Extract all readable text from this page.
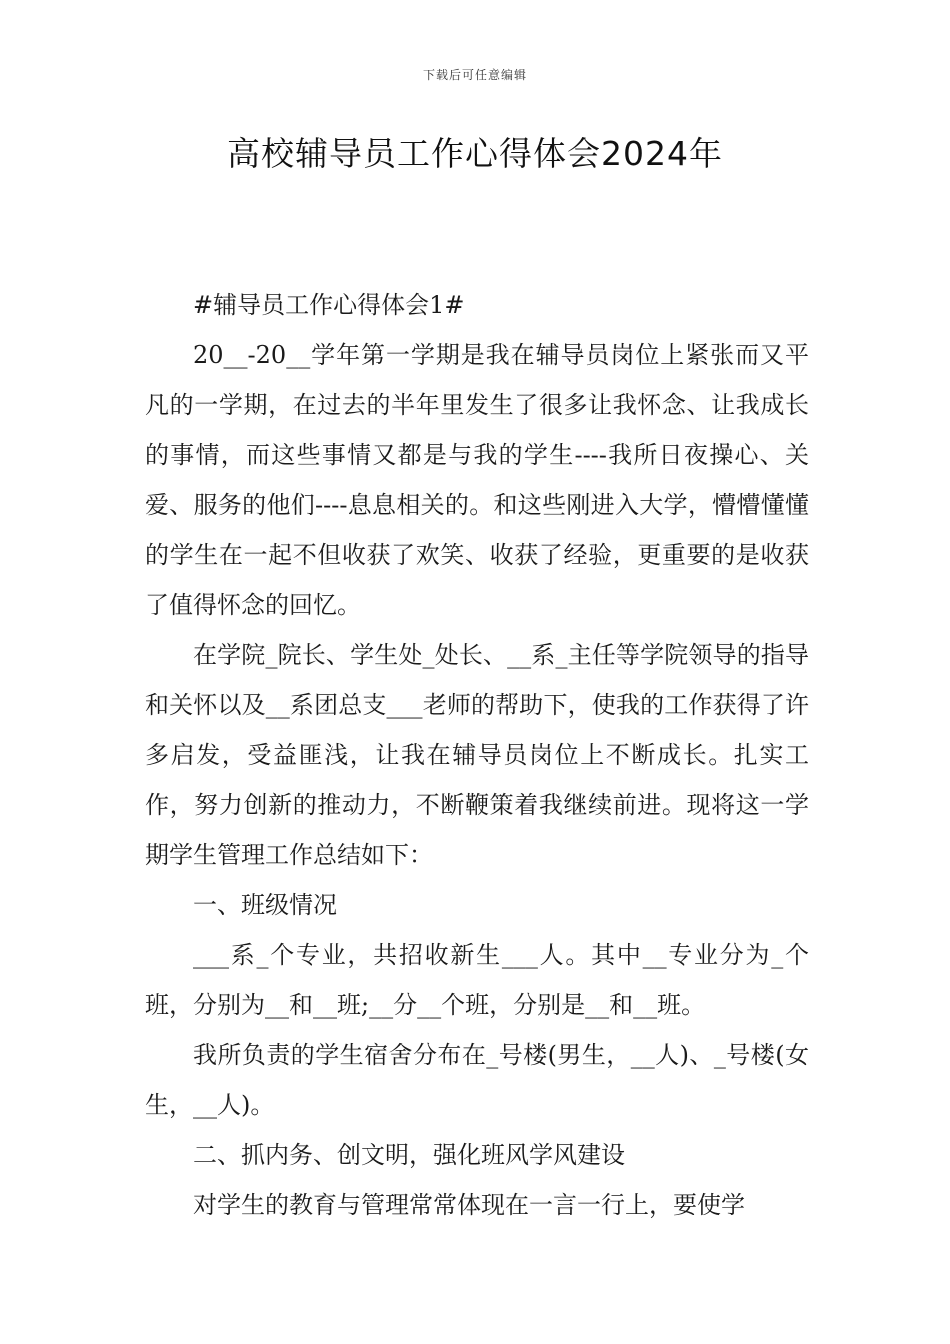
下载后可任意编辑
高校辅导员工作心得体会2024年

#辅导员工作心得体会1#

20__-20__学年第一学期是我在辅导员岗位上紧张而又平凡的一学期，在过去的半年里发生了很多让我怀念、让我成长的事情，而这些事情又都是与我的学生----我所日夜操心、关爱、服务的他们----息息相关的。和这些刚进入大学，懵懵懂懂的学生在一起不但收获了欢笑、收获了经验，更重要的是收获了值得怀念的回忆。

在学院_院长、学生处_处长、__系_主任等学院领导的指导和关怀以及__系团总支___老师的帮助下，使我的工作获得了许多启发，受益匪浅，让我在辅导员岗位上不断成长。扎实工作，努力创新的推动力，不断鞭策着我继续前进。现将这一学期学生管理工作总结如下：

一、班级情况

___系_个专业，共招收新生___人。其中__专业分为_个班，分别为__和__班;__分__个班，分别是__和__班。

我所负责的学生宿舍分布在_号楼(男生，__人)、_号楼(女生，__人)。

二、抓内务、创文明，强化班风学风建设

对学生的教育与管理常常体现在一言一行上，要使学
